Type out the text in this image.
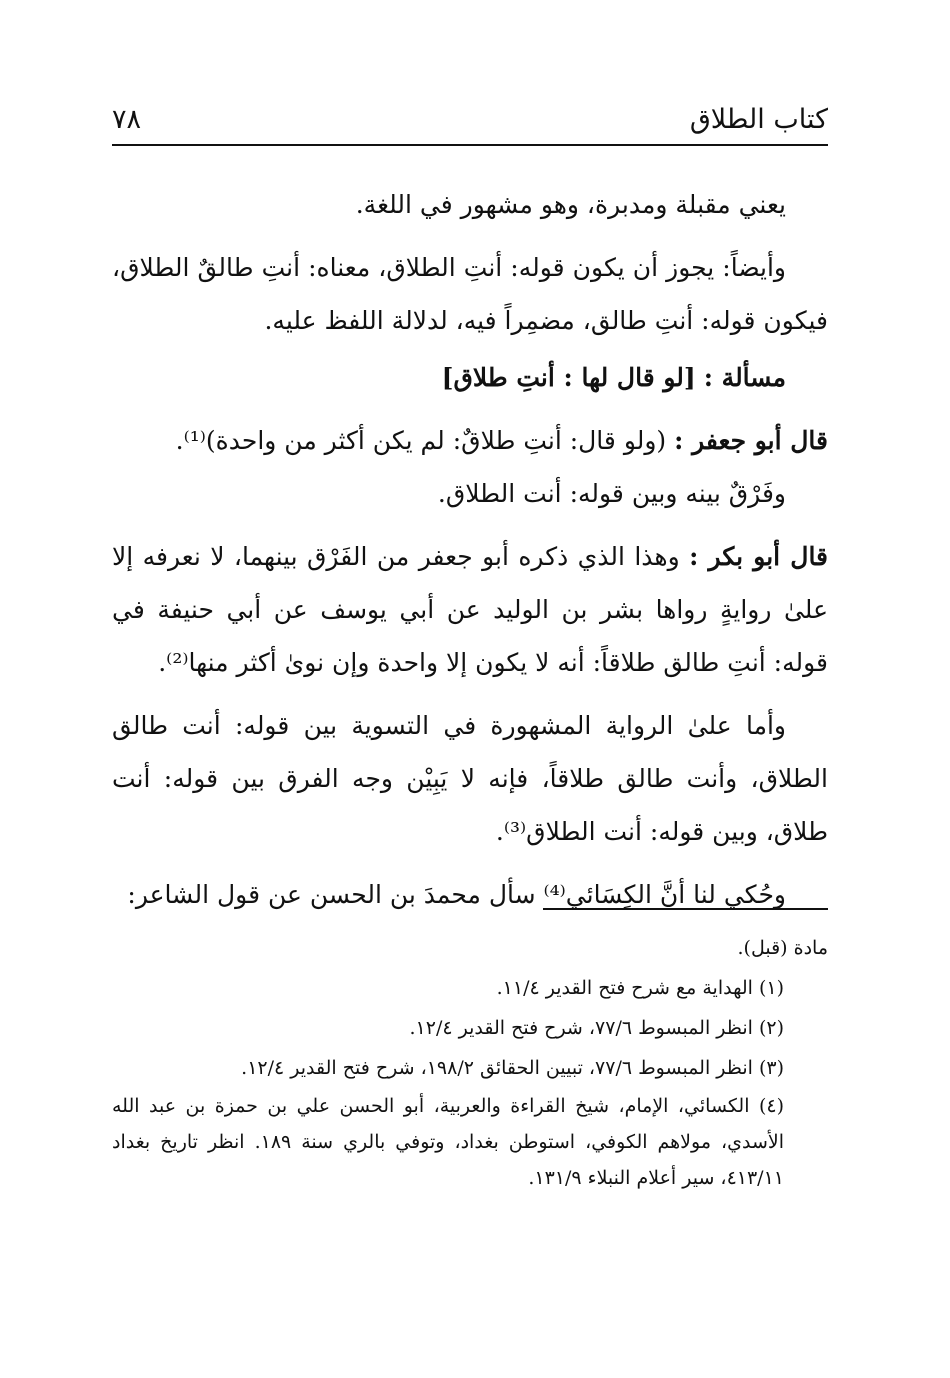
كتاب الطلاق
٧٨

يعني مقبلة ومدبرة، وهو مشهور في اللغة.

وأيضاً: يجوز أن يكون قوله: أنتِ الطلاق، معناه: أنتِ طالقٌ الطلاق، فيكون قوله: أنتِ طالق، مضمِراً فيه، لدلالة اللفظ عليه.

مسألة :[لو قال لها : أنتِ طلاق]

قال أبو جعفر : (ولو قال: أنتِ طلاقٌ: لم يكن أكثر من واحدة)⁽¹⁾.

وفَرْقٌ بينه وبين قوله: أنت الطلاق.

قال أبو بكر : وهذا الذي ذكره أبو جعفر من الفَرْق بينهما، لا نعرفه إلا علىٰ روايةٍ رواها بشر بن الوليد عن أبي يوسف عن أبي حنيفة في قوله: أنتِ طالق طلاقاً: أنه لا يكون إلا واحدة وإن نوىٰ أكثر منها⁽²⁾.

وأما علىٰ الرواية المشهورة في التسوية بين قوله: أنت طالق الطلاق، وأنت طالق طلاقاً، فإنه لا يَبِيْن وجه الفرق بين قوله: أنت طلاق، وبين قوله: أنت الطلاق⁽³⁾.

وحُكي لنا أنَّ الكِسَائي⁽⁴⁾ سأل محمدَ بن الحسن عن قول الشاعر:

مادة (قبل).

(١) الهداية مع شرح فتح القدير ١١/٤.

(٢) انظر المبسوط ٧٧/٦، شرح فتح القدير ١٢/٤.

(٣) انظر المبسوط ٧٧/٦، تبيين الحقائق ١٩٨/٢، شرح فتح القدير ١٢/٤.

(٤) الكسائي، الإمام، شيخ القراءة والعربية، أبو الحسن علي بن حمزة بن عبد الله الأسدي، مولاهم الكوفي، استوطن بغداد، وتوفي بالري سنة ١٨٩. انظر تاريخ بغداد ٤١٣/١١، سير أعلام النبلاء ١٣١/٩.
